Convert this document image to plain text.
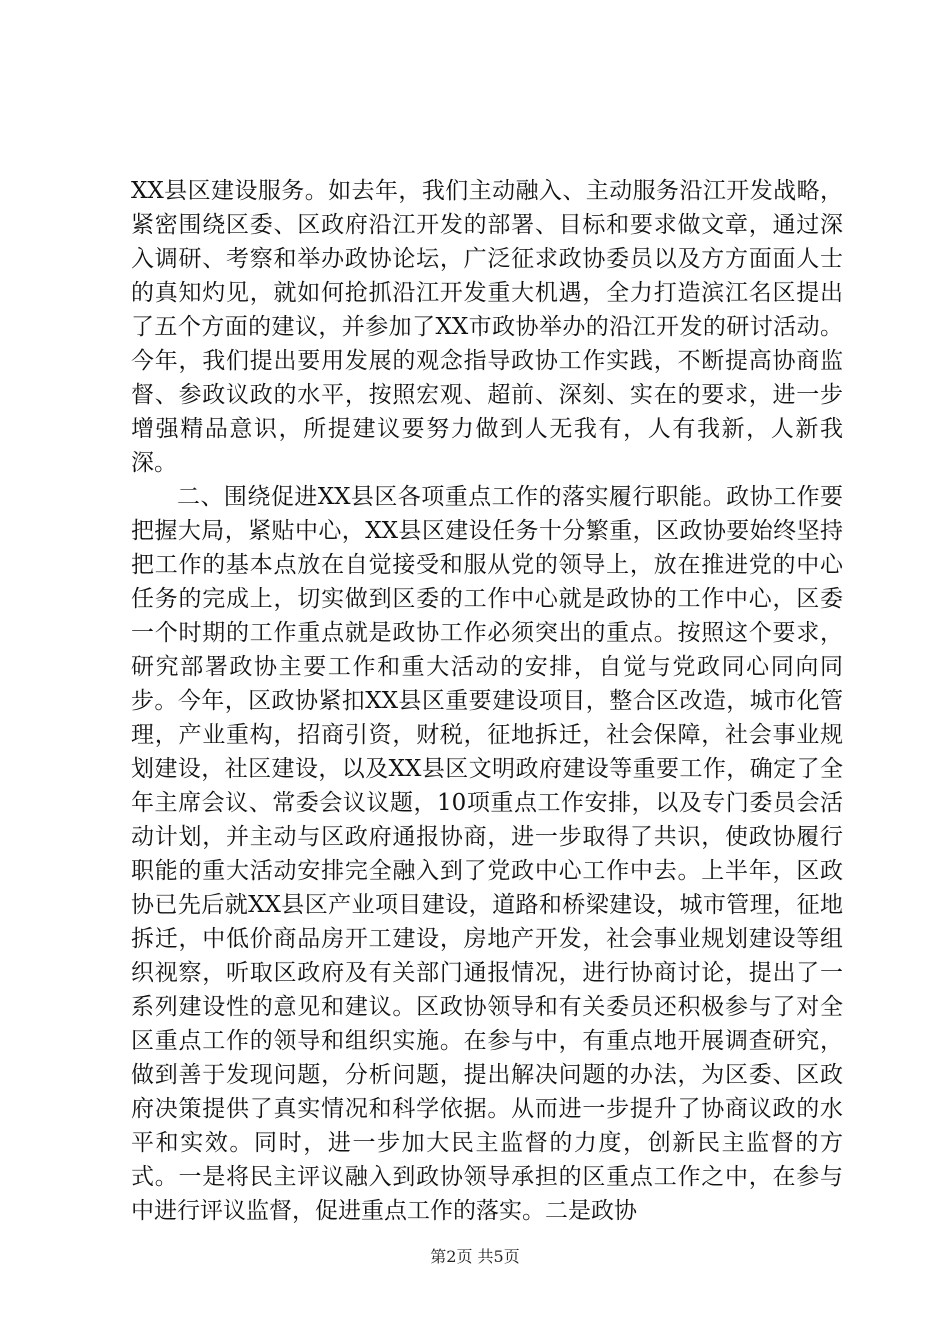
XX县区建设服务。如去年，我们主动融入、主动服务沿江开发战略，紧密围绕区委、区政府沿江开发的部署、目标和要求做文章，通过深入调研、考察和举办政协论坛，广泛征求政协委员以及方方面面人士的真知灼见，就如何抢抓沿江开发重大机遇，全力打造滨江名区提出了五个方面的建议，并参加了XX市政协举办的沿江开发的研讨活动。今年，我们提出要用发展的观念指导政协工作实践，不断提高协商监督、参政议政的水平，按照宏观、超前、深刻、实在的要求，进一步增强精品意识，所提建议要努力做到人无我有，人有我新，人新我深。

二、围绕促进XX县区各项重点工作的落实履行职能。政协工作要把握大局，紧贴中心，XX县区建设任务十分繁重，区政协要始终坚持把工作的基本点放在自觉接受和服从党的领导上，放在推进党的中心任务的完成上，切实做到区委的工作中心就是政协的工作中心，区委一个时期的工作重点就是政协工作必须突出的重点。按照这个要求，研究部署政协主要工作和重大活动的安排，自觉与党政同心同向同步。今年，区政协紧扣XX县区重要建设项目，整合区改造，城市化管理，产业重构，招商引资，财税，征地拆迁，社会保障，社会事业规划建设，社区建设，以及XX县区文明政府建设等重要工作，确定了全年主席会议、常委会议议题，10项重点工作安排，以及专门委员会活动计划，并主动与区政府通报协商，进一步取得了共识，使政协履行职能的重大活动安排完全融入到了党政中心工作中去。上半年，区政协已先后就XX县区产业项目建设，道路和桥梁建设，城市管理，征地拆迁，中低价商品房开工建设，房地产开发，社会事业规划建设等组织视察，听取区政府及有关部门通报情况，进行协商讨论，提出了一系列建设性的意见和建议。区政协领导和有关委员还积极参与了对全区重点工作的领导和组织实施。在参与中，有重点地开展调查研究，做到善于发现问题，分析问题，提出解决问题的办法，为区委、区政府决策提供了真实情况和科学依据。从而进一步提升了协商议政的水平和实效。同时，进一步加大民主监督的力度，创新民主监督的方式。一是将民主评议融入到政协领导承担的区重点工作之中，在参与中进行评议监督，促进重点工作的落实。二是政协

第2页 共5页
